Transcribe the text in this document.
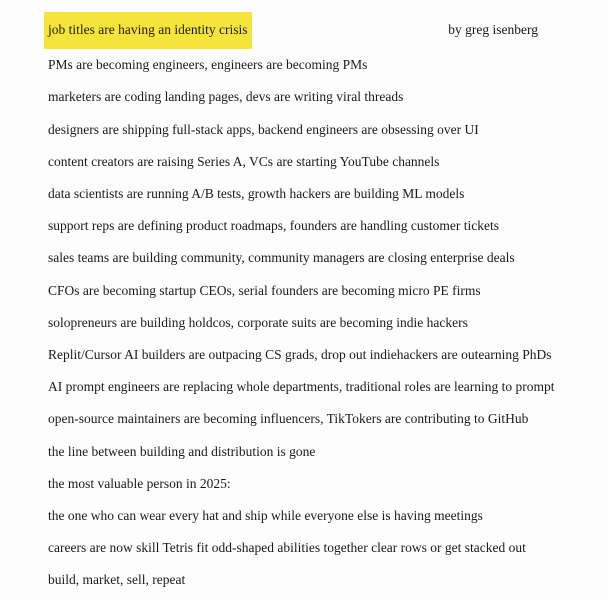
job titles are having an identity crisis	by greg isenberg

PMs are becoming engineers, engineers are becoming PMs

marketers are coding landing pages, devs are writing viral threads

designers are shipping full-stack apps, backend engineers are obsessing over UI

content creators are raising Series A, VCs are starting YouTube channels

data scientists are running A/B tests, growth hackers are building ML models

support reps are defining product roadmaps, founders are handling customer tickets

sales teams are building community, community managers are closing enterprise deals

CFOs are becoming startup CEOs, serial founders are becoming micro PE firms

solopreneurs are building holdcos, corporate suits are becoming indie hackers

Replit/Cursor AI builders are outpacing CS grads, drop out indiehackers are outearning PhDs

AI prompt engineers are replacing whole departments, traditional roles are learning to prompt

open-source maintainers are becoming influencers, TikTokers are contributing to GitHub

the line between building and distribution is gone

the most valuable person in 2025:

the one who can wear every hat and ship while everyone else is having meetings

careers are now skill Tetris fit odd-shaped abilities together clear rows or get stacked out

build, market, sell, repeat
